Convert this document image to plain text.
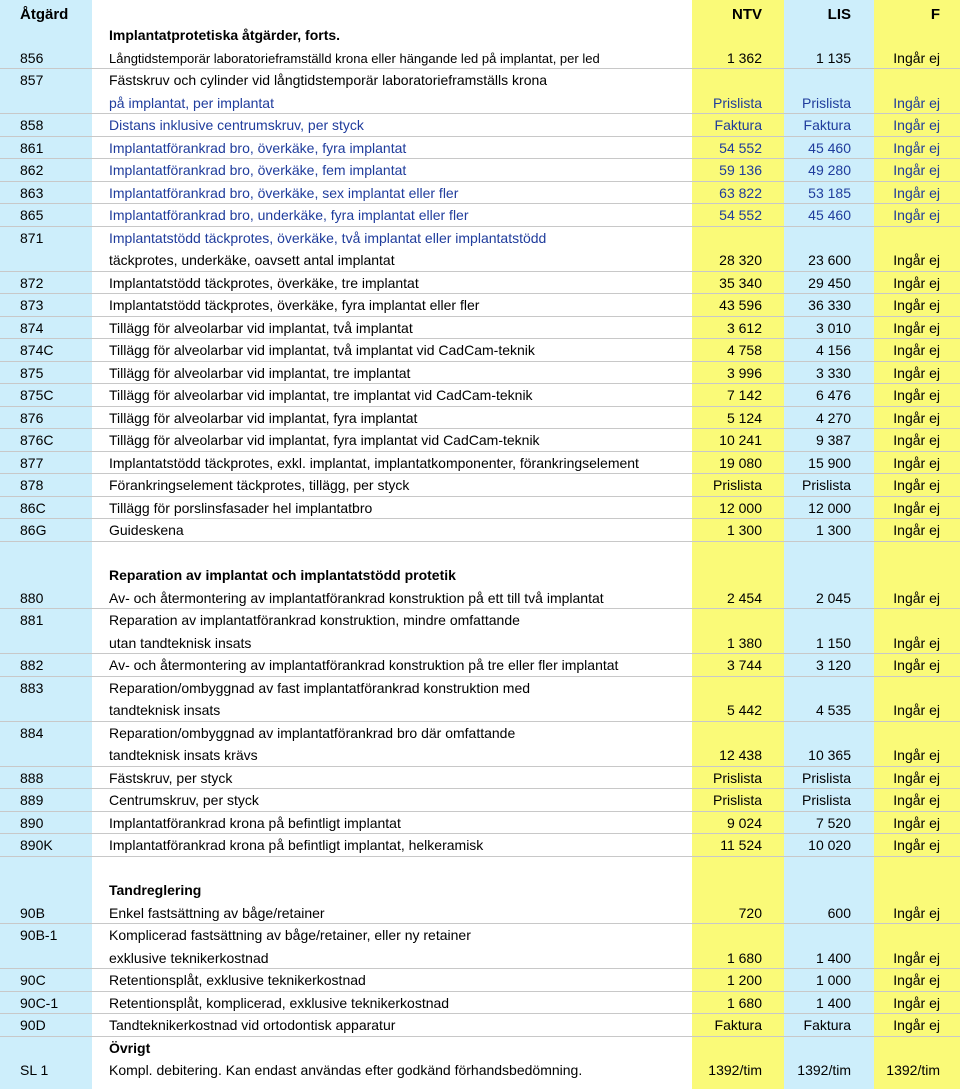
Åtgärd	NTV	LIS	F
Implantatprotetiska åtgärder, forts.
856	Långtidstemporär laboratorieframställd krona eller hängande led på implantat, per led	1 362	1 135	Ingår ej
857	Fästskruv och cylinder vid långtidstemporär laboratorieframställs krona
på implantat, per implantat	Prislista	Prislista	Ingår ej
858	Distans inklusive centrumskruv, per styck	Faktura	Faktura	Ingår ej
861	Implantatförankrad bro, överkäke, fyra implantat	54 552	45 460	Ingår ej
862	Implantatförankrad bro, överkäke, fem implantat	59 136	49 280	Ingår ej
863	Implantatförankrad bro, överkäke, sex implantat eller fler	63 822	53 185	Ingår ej
865	Implantatförankrad bro, underkäke, fyra implantat eller fler	54 552	45 460	Ingår ej
871	Implantatstödd täckprotes, överkäke, två implantat eller implantatstödd
täckprotes, underkäke, oavsett antal implantat	28 320	23 600	Ingår ej
872	Implantatstödd täckprotes, överkäke, tre implantat	35 340	29 450	Ingår ej
873	Implantatstödd täckprotes, överkäke, fyra implantat eller fler	43 596	36 330	Ingår ej
874	Tillägg för alveolarbar vid implantat, två implantat	3 612	3 010	Ingår ej
874C	Tillägg för alveolarbar vid implantat, två implantat vid CadCam-teknik	4 758	4 156	Ingår ej
875	Tillägg för alveolarbar vid implantat, tre implantat	3 996	3 330	Ingår ej
875C	Tillägg för alveolarbar vid implantat, tre implantat vid CadCam-teknik	7 142	6 476	Ingår ej
876	Tillägg för alveolarbar vid implantat, fyra implantat	5 124	4 270	Ingår ej
876C	Tillägg för alveolarbar vid implantat, fyra implantat vid CadCam-teknik	10 241	9 387	Ingår ej
877	Implantatstödd täckprotes, exkl. implantat, implantatkomponenter, förankringselement	19 080	15 900	Ingår ej
878	Förankringselement täckprotes, tillägg, per styck	Prislista	Prislista	Ingår ej
86C	Tillägg för porslinsfasader hel implantatbro	12 000	12 000	Ingår ej
86G	Guideskena	1 300	1 300	Ingår ej
Reparation av implantat och implantatstödd protetik
880	Av- och återmontering av implantatförankrad konstruktion på ett till två implantat	2 454	2 045	Ingår ej
881	Reparation av implantatförankrad konstruktion, mindre omfattande
utan tandteknisk insats	1 380	1 150	Ingår ej
882	Av- och återmontering av implantatförankrad konstruktion på tre eller fler implantat	3 744	3 120	Ingår ej
883	Reparation/ombyggnad av fast implantatförankrad konstruktion med
tandteknisk insats	5 442	4 535	Ingår ej
884	Reparation/ombyggnad av implantatförankrad bro där omfattande
tandteknisk insats krävs	12 438	10 365	Ingår ej
888	Fästskruv, per styck	Prislista	Prislista	Ingår ej
889	Centrumskruv, per styck	Prislista	Prislista	Ingår ej
890	Implantatförankrad krona på befintligt implantat	9 024	7 520	Ingår ej
890K	Implantatförankrad krona på befintligt implantat, helkeramisk	11 524	10 020	Ingår ej
Tandreglering
90B	Enkel fastsättning av båge/retainer	720	600	Ingår ej
90B-1	Komplicerad fastsättning av båge/retainer, eller ny retainer
exklusive teknikerkostnad	1 680	1 400	Ingår ej
90C	Retentionsplåt, exklusive teknikerkostnad	1 200	1 000	Ingår ej
90C-1	Retentionsplåt, komplicerad, exklusive teknikerkostnad	1 680	1 400	Ingår ej
90D	Tandteknikerkostnad vid ortodontisk apparatur	Faktura	Faktura	Ingår ej
Övrigt
SL 1	Kompl. debitering. Kan endast användas efter godkänd förhandsbedömning.	1392/tim	1392/tim	1392/tim
